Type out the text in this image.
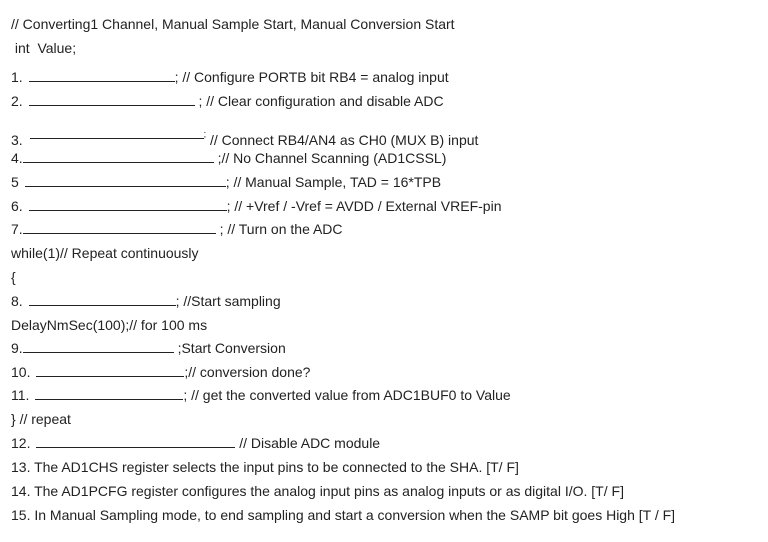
// Converting1 Channel, Manual Sample Start, Manual Conversion Start
int  Value;
1.	; // Configure PORTB bit RB4 = analog input
2.	; // Clear configuration and disable ADC
3.	; // Connect RB4/AN4 as CH0 (MUX B) input
4.	;// No Channel Scanning (AD1CSSL)
5	; // Manual Sample, TAD = 16*TPB
6.	; // +Vref / -Vref = AVDD / External VREF-pin
7.	; // Turn on the ADC
while(1)// Repeat continuously
{
8.	; //Start sampling
DelayNmSec(100);// for 100 ms
9.	;Start Conversion
10.	;// conversion done?
11.	; // get the converted value from ADC1BUF0 to Value
} // repeat
12.	// Disable ADC module
13. The AD1CHS register selects the input pins to be connected to the SHA. [T/ F]
14. The AD1PCFG register configures the analog input pins as analog inputs or as digital I/O. [T/ F]
15. In Manual Sampling mode, to end sampling and start a conversion when the SAMP bit goes High [T / F]
